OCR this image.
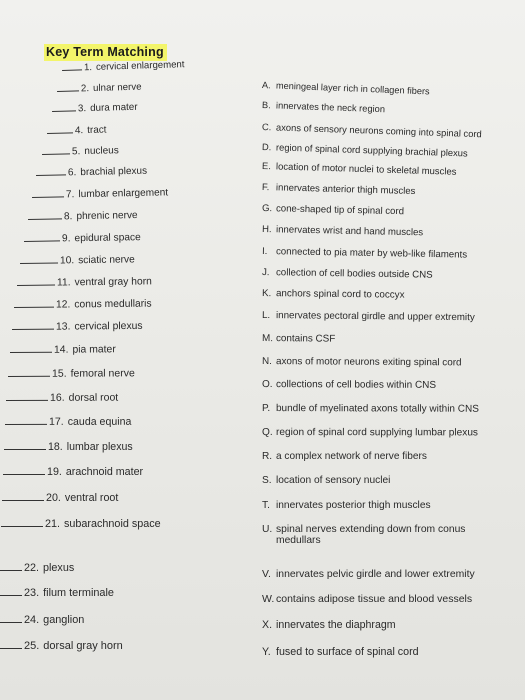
Key Term Matching
1. cervical enlargement
2. ulnar nerve
3. dura mater
4. tract
5. nucleus
6. brachial plexus
7. lumbar enlargement
8. phrenic nerve
9. epidural space
10. sciatic nerve
11. ventral gray horn
12. conus medullaris
13. cervical plexus
14. pia mater
15. femoral nerve
16. dorsal root
17. cauda equina
18. lumbar plexus
19. arachnoid mater
20. ventral root
21. subarachnoid space
22. plexus
23. filum terminale
24. ganglion
25. dorsal gray horn
A. meningeal layer rich in collagen fibers
B. innervates the neck region
C. axons of sensory neurons coming into spinal cord
D. region of spinal cord supplying brachial plexus
E. location of motor nuclei to skeletal muscles
F. innervates anterior thigh muscles
G. cone-shaped tip of spinal cord
H. innervates wrist and hand muscles
I. connected to pia mater by web-like filaments
J. collection of cell bodies outside CNS
K. anchors spinal cord to coccyx
L. innervates pectoral girdle and upper extremity
M. contains CSF
N. axons of motor neurons exiting spinal cord
O. collections of cell bodies within CNS
P. bundle of myelinated axons totally within CNS
Q. region of spinal cord supplying lumbar plexus
R. a complex network of nerve fibers
S. location of sensory nuclei
T. innervates posterior thigh muscles
U. spinal nerves extending down from conus medullars
V. innervates pelvic girdle and lower extremity
W. contains adipose tissue and blood vessels
X. innervates the diaphragm
Y. fused to surface of spinal cord
